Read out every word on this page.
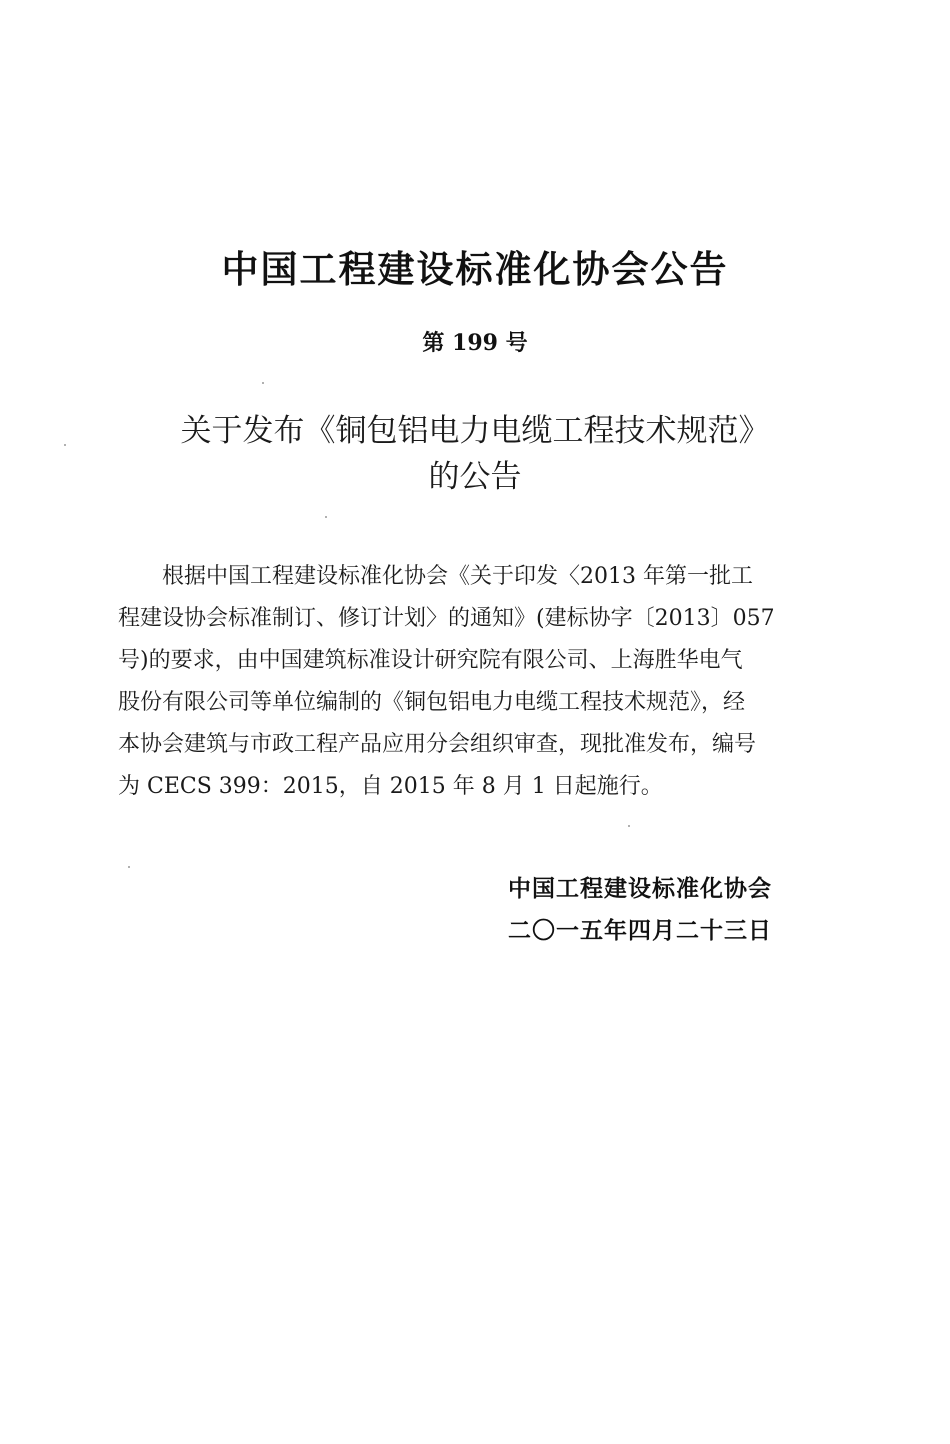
中国工程建设标准化协会公告
第 199 号
关于发布《铜包铝电力电缆工程技术规范》
的公告
根据中国工程建设标准化协会《关于印发〈2013 年第一批工
程建设协会标准制订、修订计划〉的通知》(建标协字〔2013〕057
号)的要求，由中国建筑标准设计研究院有限公司、上海胜华电气
股份有限公司等单位编制的《铜包铝电力电缆工程技术规范》，经
本协会建筑与市政工程产品应用分会组织审查，现批准发布，编号
为 CECS 399：2015，自 2015 年 8 月 1 日起施行。
中国工程建设标准化协会
二〇一五年四月二十三日
